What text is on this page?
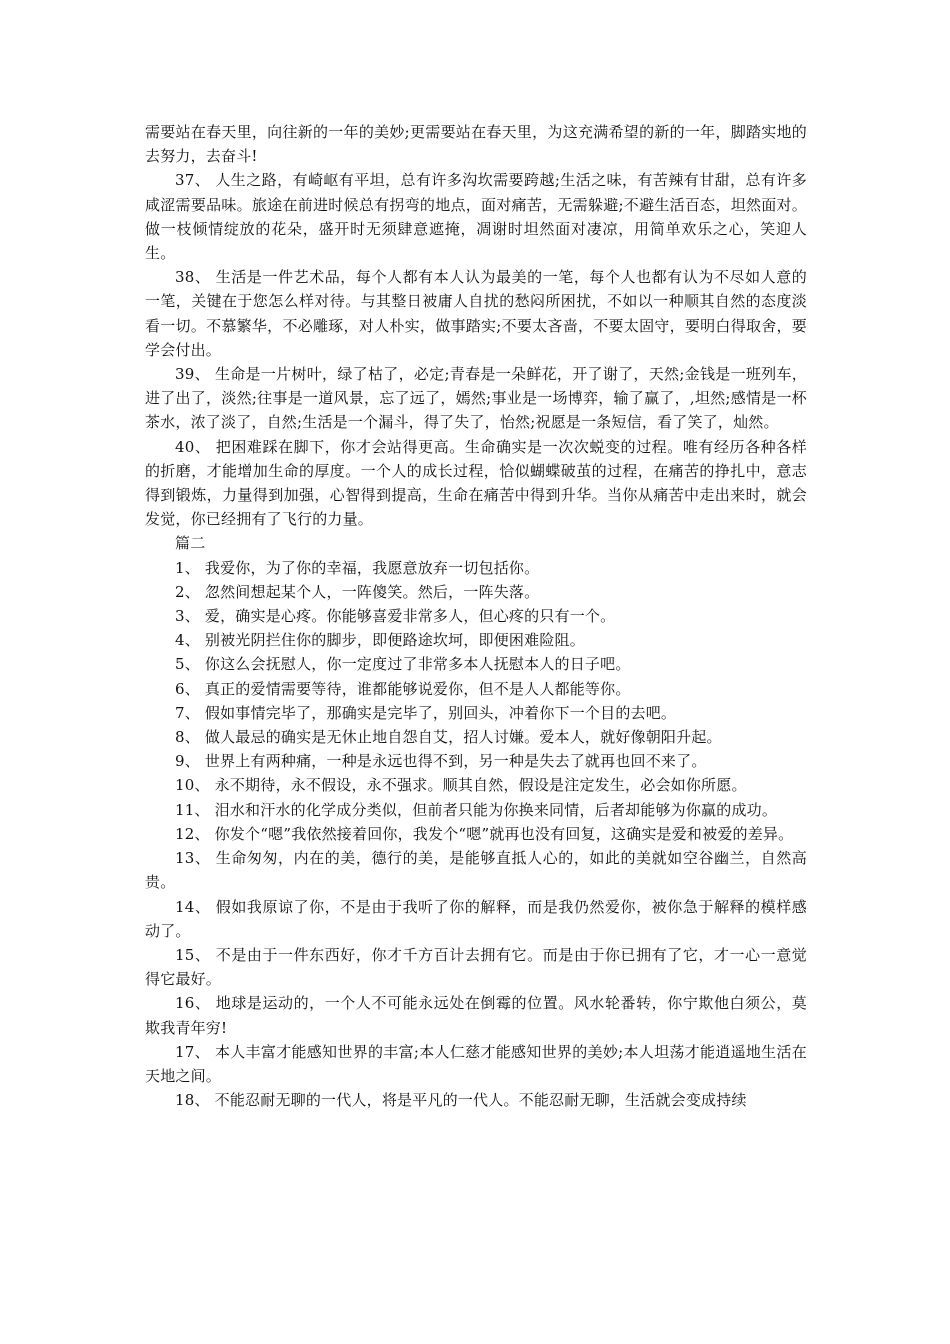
需要站在春天里，向往新的一年的美妙;更需要站在春天里，为这充满希望的新的一年，脚踏实地的去努力，去奋斗!

37、 人生之路，有崎岖有平坦，总有许多沟坎需要跨越;生活之味，有苦辣有甘甜，总有许多咸涩需要品味。旅途在前进时候总有拐弯的地点，面对痛苦，无需躲避;不避生活百态，坦然面对。做一枝倾情绽放的花朵，盛开时无须肆意遮掩，凋谢时坦然面对凄凉，用简单欢乐之心，笑迎人生。

38、 生活是一件艺术品，每个人都有本人认为最美的一笔，每个人也都有认为不尽如人意的一笔，关键在于您怎么样对待。与其整日被庸人自扰的愁闷所困扰，不如以一种顺其自然的态度淡看一切。不慕繁华，不必雕琢，对人朴实，做事踏实;不要太吝啬，不要太固守，要明白得取舍，要学会付出。

39、 生命是一片树叶，绿了枯了，必定;青春是一朵鲜花，开了谢了，天然;金钱是一班列车，进了出了，淡然;往事是一道风景，忘了远了，嫣然;事业是一场博弈，输了赢了，,坦然;感情是一杯茶水，浓了淡了，自然;生活是一个漏斗，得了失了，怡然;祝愿是一条短信，看了笑了，灿然。

40、 把困难踩在脚下，你才会站得更高。生命确实是一次次蜕变的过程。唯有经历各种各样的折磨，才能增加生命的厚度。一个人的成长过程，恰似蝴蝶破茧的过程，在痛苦的挣扎中，意志得到锻炼，力量得到加强，心智得到提高，生命在痛苦中得到升华。当你从痛苦中走出来时，就会发觉，你已经拥有了飞行的力量。

篇二

1、 我爱你，为了你的幸福，我愿意放弃一切包括你。

2、 忽然间想起某个人，一阵傻笑。然后，一阵失落。

3、 爱，确实是心疼。你能够喜爱非常多人，但心疼的只有一个。

4、 别被光阴拦住你的脚步，即便路途坎坷，即便困难险阻。

5、 你这么会抚慰人，你一定度过了非常多本人抚慰本人的日子吧。

6、 真正的爱情需要等待，谁都能够说爱你，但不是人人都能等你。

7、 假如事情完毕了，那确实是完毕了，别回头，冲着你下一个目的去吧。

8、 做人最忌的确实是无休止地自怨自艾，招人讨嫌。爱本人，就好像朝阳升起。

9、 世界上有两种痛，一种是永远也得不到，另一种是失去了就再也回不来了。

10、 永不期待，永不假设，永不强求。顺其自然，假设是注定发生，必会如你所愿。

11、 泪水和汗水的化学成分类似，但前者只能为你换来同情，后者却能够为你赢的成功。

12、 你发个“嗯”我依然接着回你，我发个“嗯”就再也没有回复，这确实是爱和被爱的差异。

13、 生命匆匆，内在的美，德行的美，是能够直抵人心的，如此的美就如空谷幽兰，自然高贵。

14、 假如我原谅了你，不是由于我听了你的解释，而是我仍然爱你，被你急于解释的模样感动了。

15、 不是由于一件东西好，你才千方百计去拥有它。而是由于你已拥有了它，才一心一意觉得它最好。

16、 地球是运动的，一个人不可能永远处在倒霉的位置。风水轮番转，你宁欺他白须公，莫欺我青年穷!

17、 本人丰富才能感知世界的丰富;本人仁慈才能感知世界的美妙;本人坦荡才能逍遥地生活在天地之间。

18、 不能忍耐无聊的一代人，将是平凡的一代人。不能忍耐无聊，生活就会变成持续
